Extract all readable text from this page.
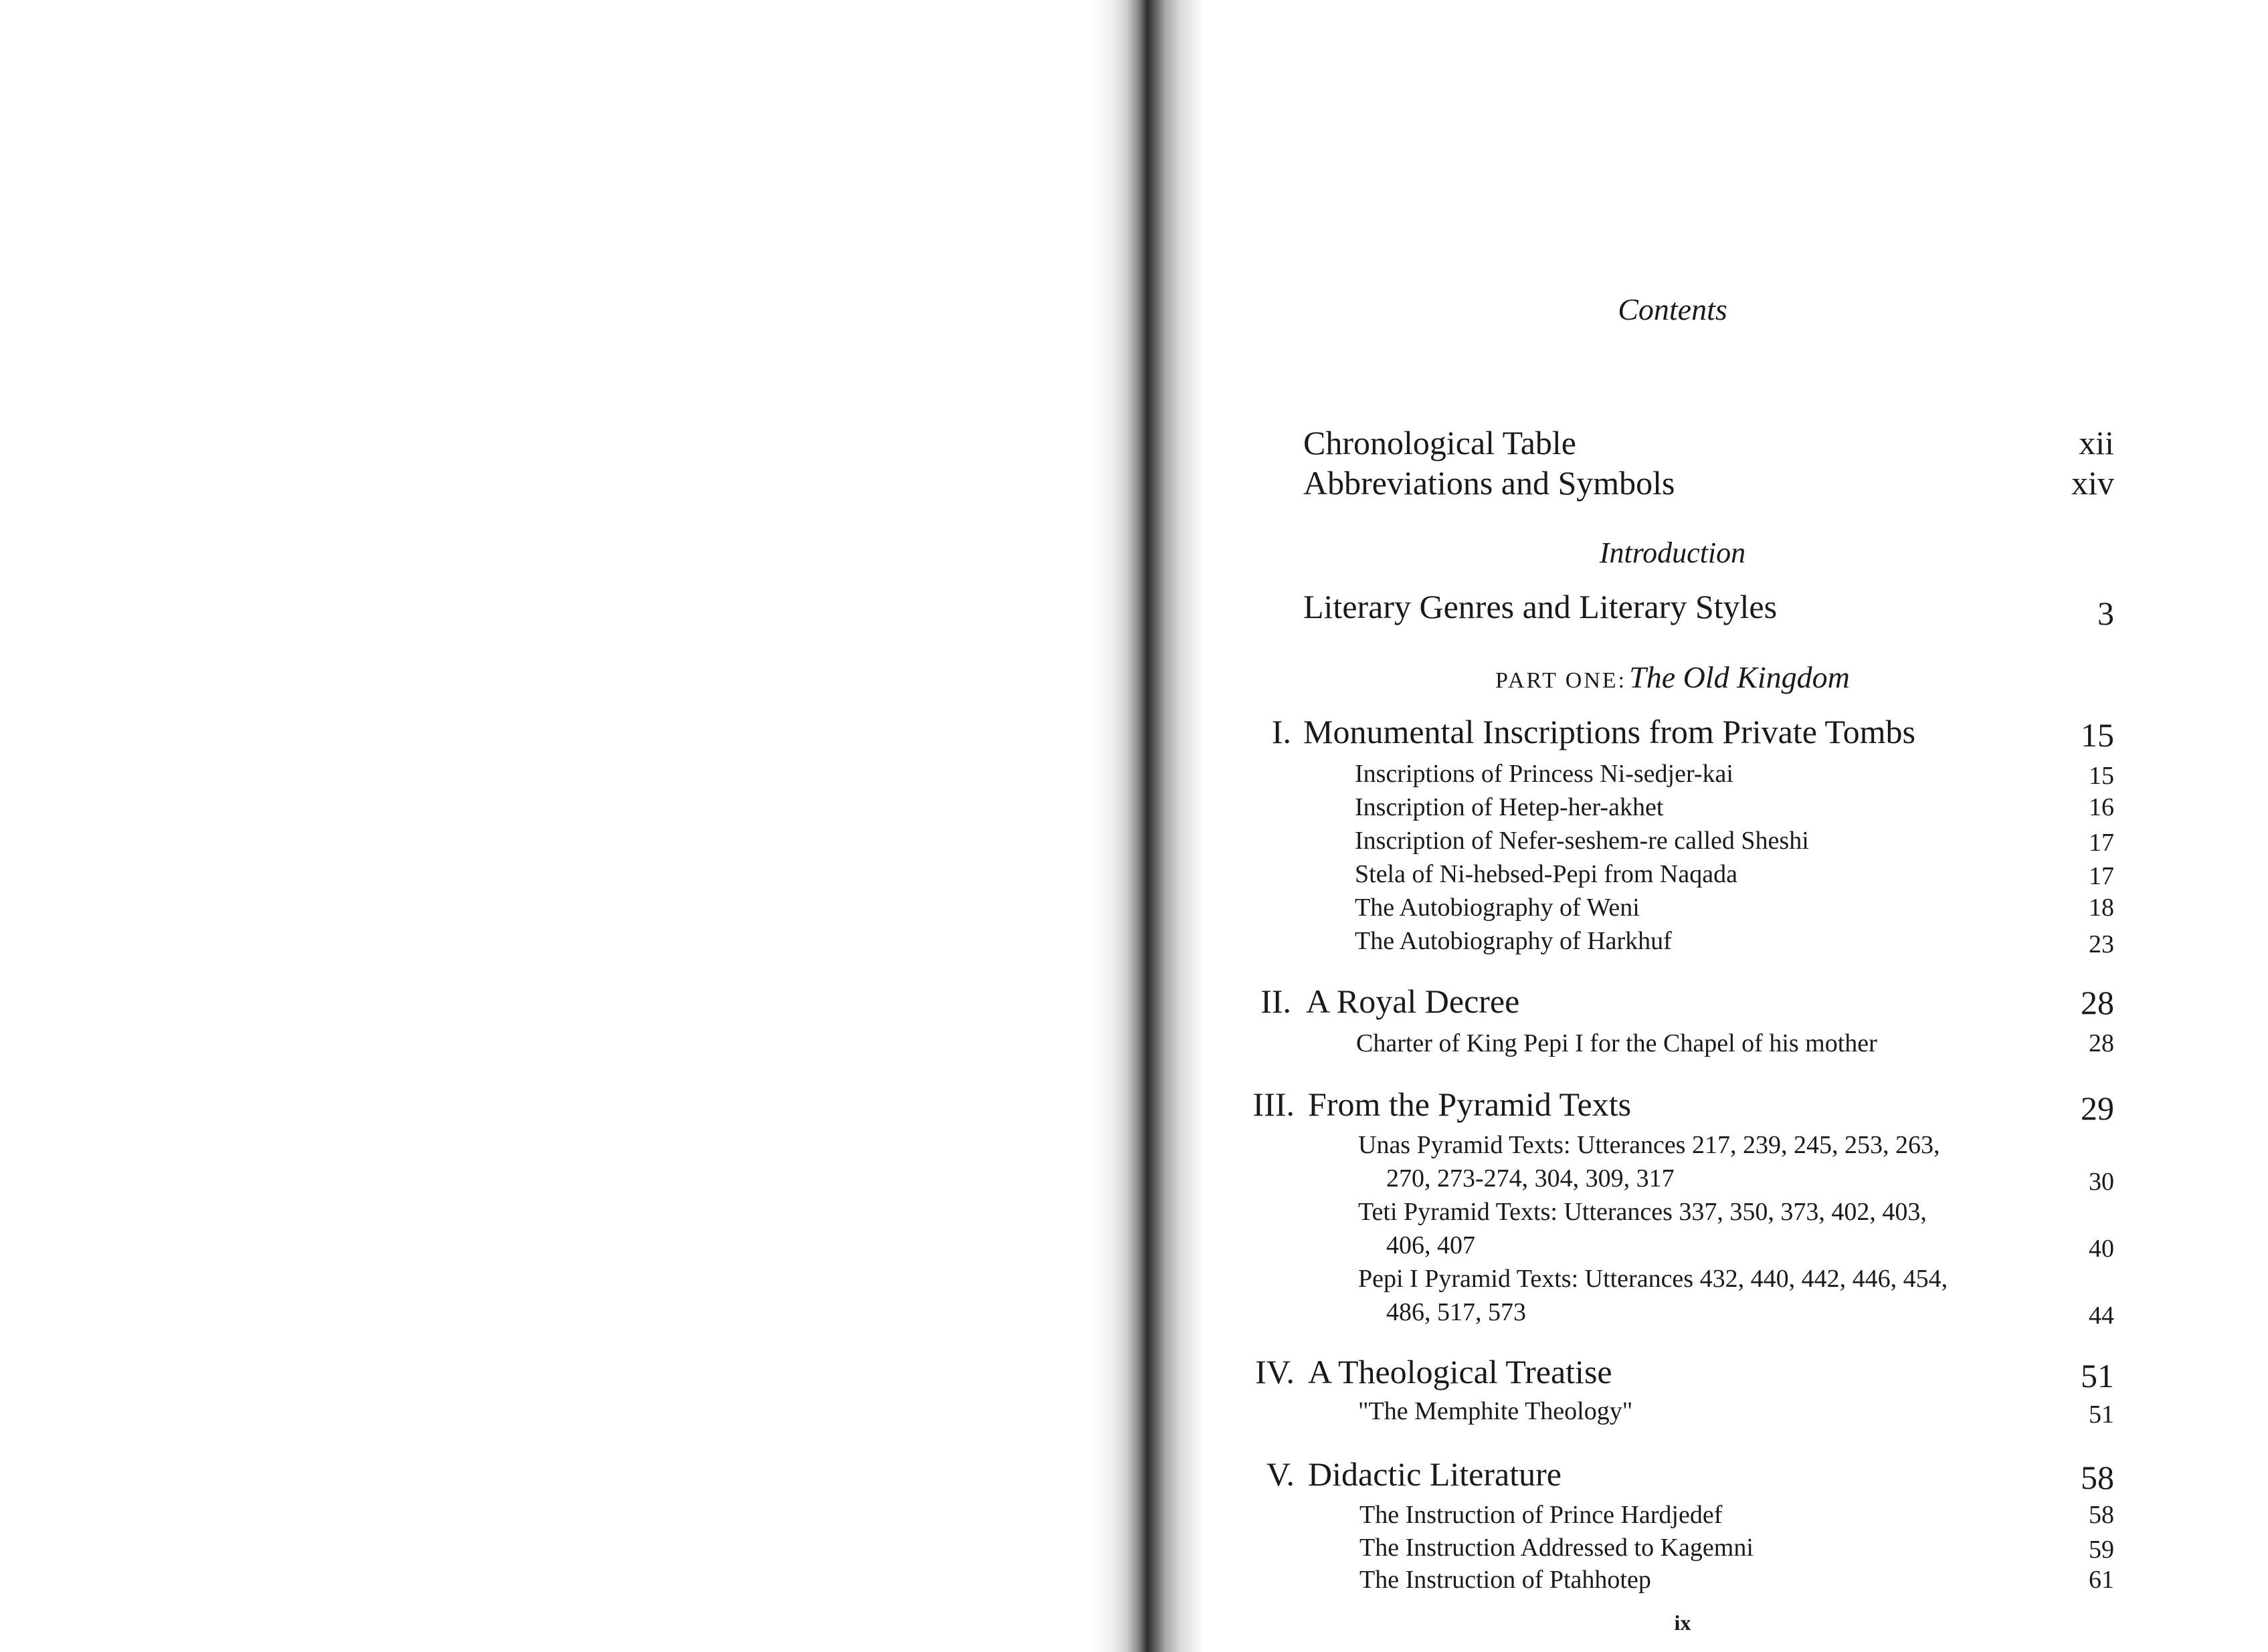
Contents
Chronological Table	xii
Abbreviations and Symbols	xiv
Introduction
Literary Genres and Literary Styles	3
PART ONE: The Old Kingdom
I. Monumental Inscriptions from Private Tombs	15
Inscriptions of Princess Ni-sedjer-kai	15
Inscription of Hetep-her-akhet	16
Inscription of Nefer-seshem-re called Sheshi	17
Stela of Ni-hebsed-Pepi from Naqada	17
The Autobiography of Weni	18
The Autobiography of Harkhuf	23
II. A Royal Decree	28
Charter of King Pepi I for the Chapel of his mother	28
III. From the Pyramid Texts	29
Unas Pyramid Texts: Utterances 217, 239, 245, 253, 263,
270, 273-274, 304, 309, 317	30
Teti Pyramid Texts: Utterances 337, 350, 373, 402, 403,
406, 407	40
Pepi I Pyramid Texts: Utterances 432, 440, 442, 446, 454,
486, 517, 573	44
IV. A Theological Treatise	51
"The Memphite Theology"	51
V. Didactic Literature	58
The Instruction of Prince Hardjedef	58
The Instruction Addressed to Kagemni	59
The Instruction of Ptahhotep	61
ix
